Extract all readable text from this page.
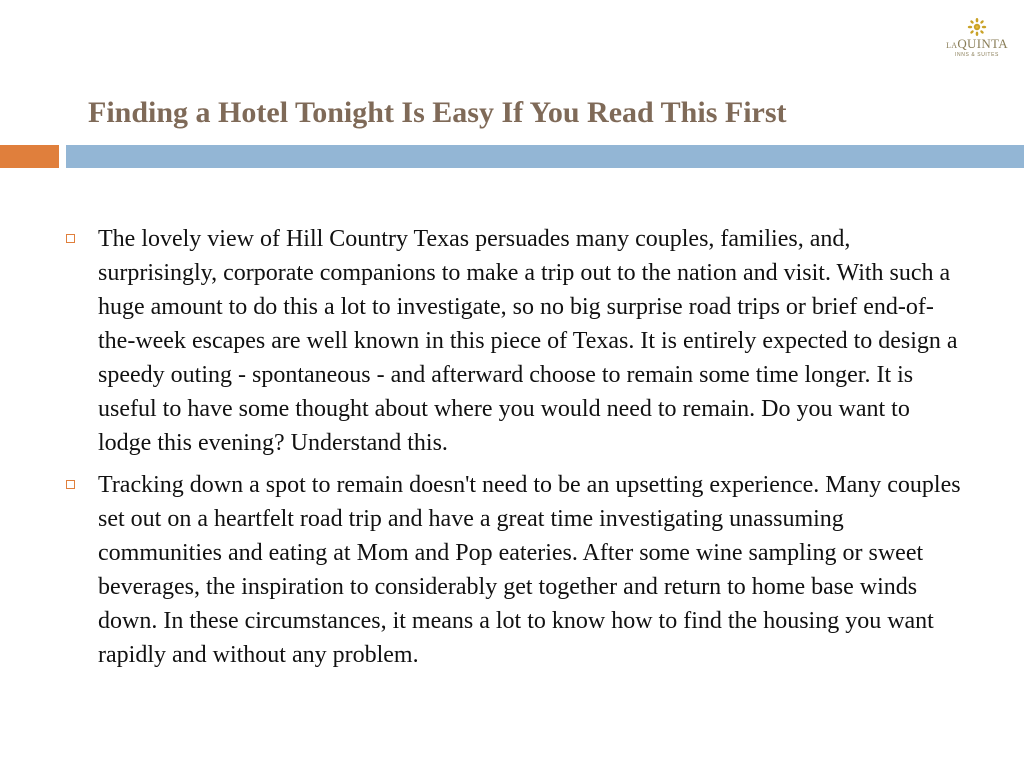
LAQUINTA
INNS & SUITES
Finding a Hotel Tonight Is Easy If You Read This First

The lovely view of Hill Country Texas persuades many couples, families, and, surprisingly, corporate companions to make a trip out to the nation and visit. With such a huge amount to do this a lot to investigate, so no big surprise road trips or brief end-of-the-week escapes are well known in this piece of Texas. It is entirely expected to design a speedy outing - spontaneous - and afterward choose to remain some time longer. It is useful to have some thought about where you would need to remain. Do you want to lodge this evening? Understand this.

Tracking down a spot to remain doesn't need to be an upsetting experience. Many couples set out on a heartfelt road trip and have a great time investigating unassuming communities and eating at Mom and Pop eateries. After some wine sampling or sweet beverages, the inspiration to considerably get together and return to home base winds down. In these circumstances, it means a lot to know how to find the housing you want rapidly and without any problem.
